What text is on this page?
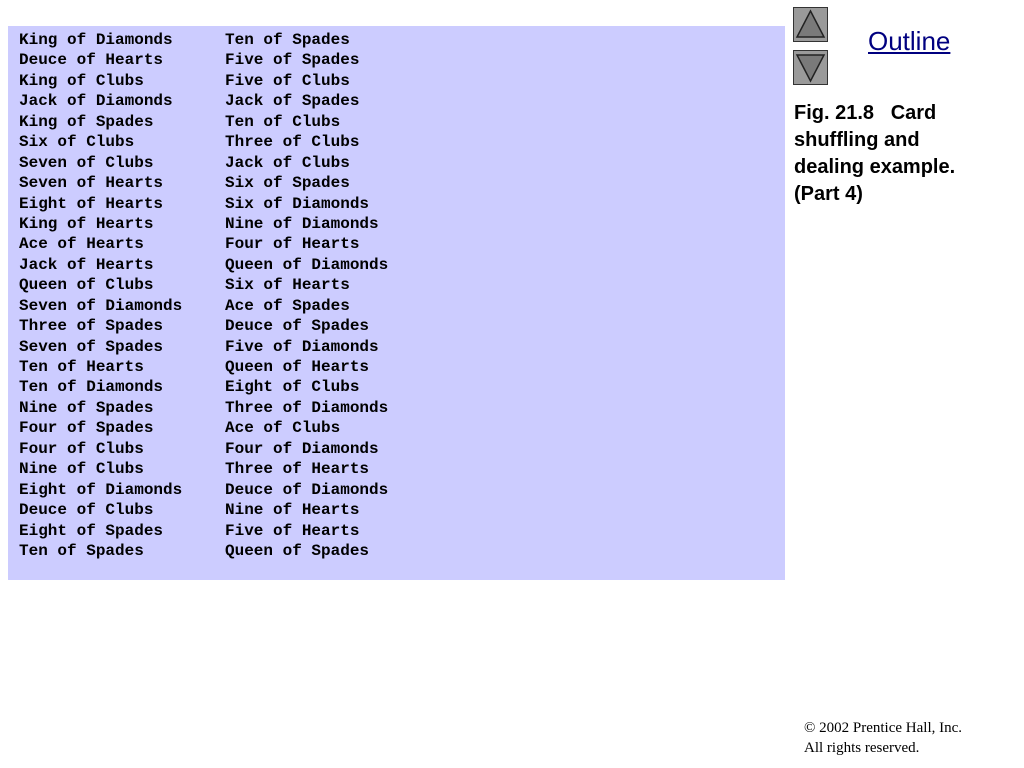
King of Diamonds	Ten of Spades
Deuce of Hearts	Five of Spades
King of Clubs	Five of Clubs
Jack of Diamonds	Jack of Spades
King of Spades	Ten of Clubs
Six of Clubs	Three of Clubs
Seven of Clubs	Jack of Clubs
Seven of Hearts	Six of Spades
Eight of Hearts	Six of Diamonds
King of Hearts	Nine of Diamonds
Ace of Hearts	Four of Hearts
Jack of Hearts	Queen of Diamonds
Queen of Clubs	Six of Hearts
Seven of Diamonds	Ace of Spades
Three of Spades	Deuce of Spades
Seven of Spades	Five of Diamonds
Ten of Hearts	Queen of Hearts
Ten of Diamonds	Eight of Clubs
Nine of Spades	Three of Diamonds
Four of Spades	Ace of Clubs
Four of Clubs	Four of Diamonds
Nine of Clubs	Three of Hearts
Eight of Diamonds	Deuce of Diamonds
Deuce of Clubs	Nine of Hearts
Eight of Spades	Five of Hearts
Ten of Spades	Queen of Spades
Outline
Fig. 21.8   Card
shuffling and
dealing example.
(Part 4)
© 2002 Prentice Hall, Inc.
All rights reserved.
